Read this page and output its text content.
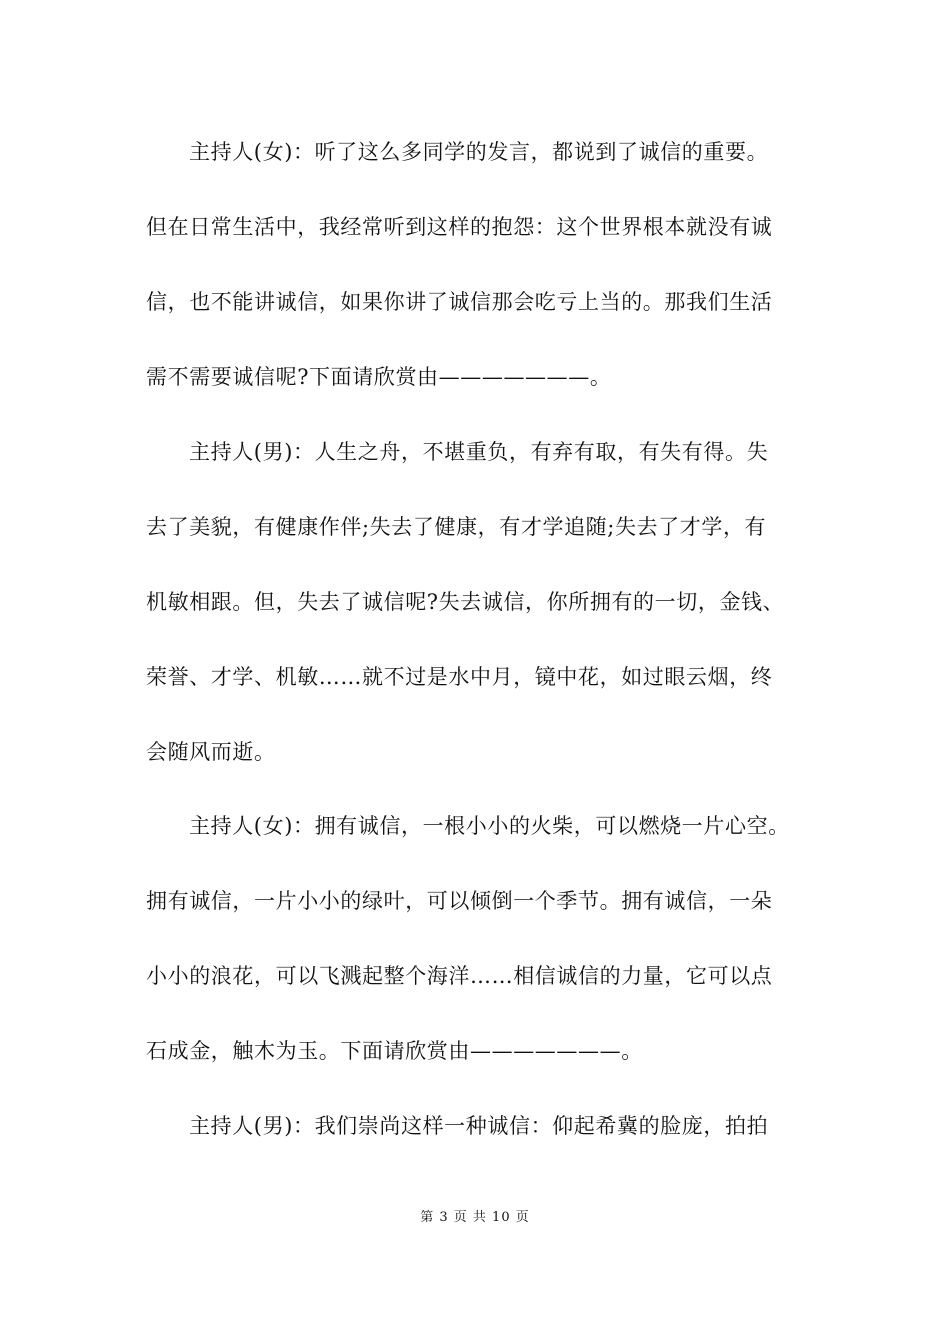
主持人(女)：听了这么多同学的发言，都说到了诚信的重要。
但在日常生活中，我经常听到这样的抱怨：这个世界根本就没有诚
信，也不能讲诚信，如果你讲了诚信那会吃亏上当的。那我们生活
需不需要诚信呢?下面请欣赏由———————。
主持人(男)：人生之舟，不堪重负，有弃有取，有失有得。失
去了美貌，有健康作伴;失去了健康，有才学追随;失去了才学，有
机敏相跟。但，失去了诚信呢?失去诚信，你所拥有的一切，金钱、
荣誉、才学、机敏……就不过是水中月，镜中花，如过眼云烟，终
会随风而逝。
主持人(女)：拥有诚信，一根小小的火柴，可以燃烧一片心空。
拥有诚信，一片小小的绿叶，可以倾倒一个季节。拥有诚信，一朵
小小的浪花，可以飞溅起整个海洋……相信诚信的力量，它可以点
石成金，触木为玉。下面请欣赏由———————。
主持人(男)：我们崇尚这样一种诚信：仰起希冀的脸庞，拍拍
第 3 页 共 10 页
